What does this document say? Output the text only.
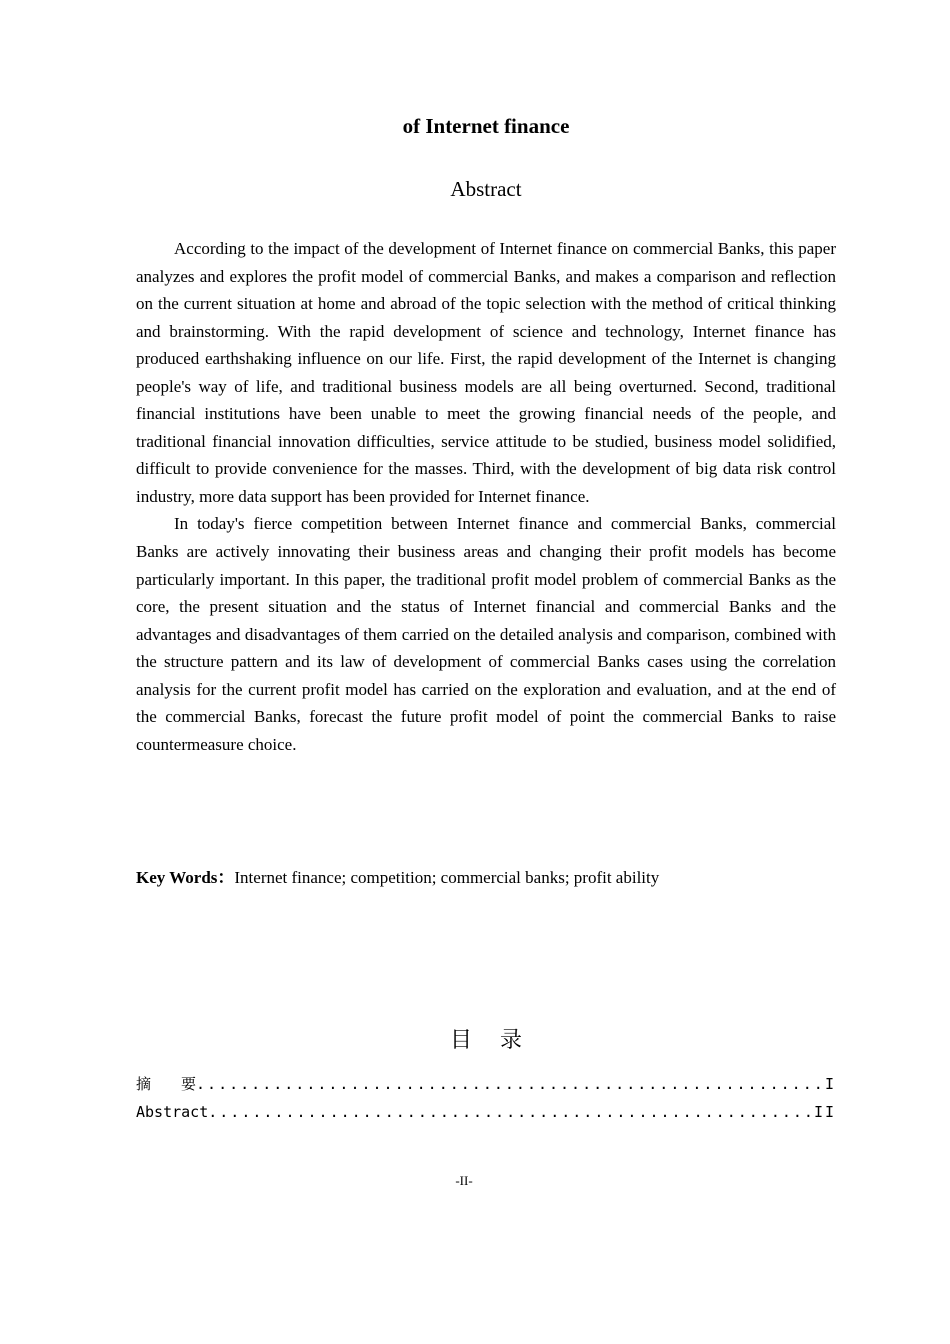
of Internet finance
Abstract

According to the impact of the development of Internet finance on commercial Banks, this paper analyzes and explores the profit model of commercial Banks, and makes a comparison and reflection on the current situation at home and abroad of the topic selection with the method of critical thinking and brainstorming. With the rapid development of science and technology, Internet finance has produced earthshaking influence on our life. First, the rapid development of the Internet is changing people's way of life, and traditional business models are all being overturned. Second, traditional financial institutions have been unable to meet the growing financial needs of the people, and traditional financial innovation difficulties, service attitude to be studied, business model solidified, difficult to provide convenience for the masses. Third, with the development of big data risk control industry, more data support has been provided for Internet finance.

In today's fierce competition between Internet finance and commercial Banks, commercial Banks are actively innovating their business areas and changing their profit models has become particularly important. In this paper, the traditional profit model problem of commercial Banks as the core, the present situation and the status of Internet financial and commercial Banks and the advantages and disadvantages of them carried on the detailed analysis and comparison, combined with the structure pattern and its law of development of commercial Banks cases using the correlation analysis for the current profit model has carried on the exploration and evaluation, and at the end of the commercial Banks, forecast the future profit model of point the commercial Banks to raise countermeasure choice.

Key Words：Internet finance; competition; commercial banks; profit ability
目录
摘要 .....	I
Abstract .....	II
-II-
